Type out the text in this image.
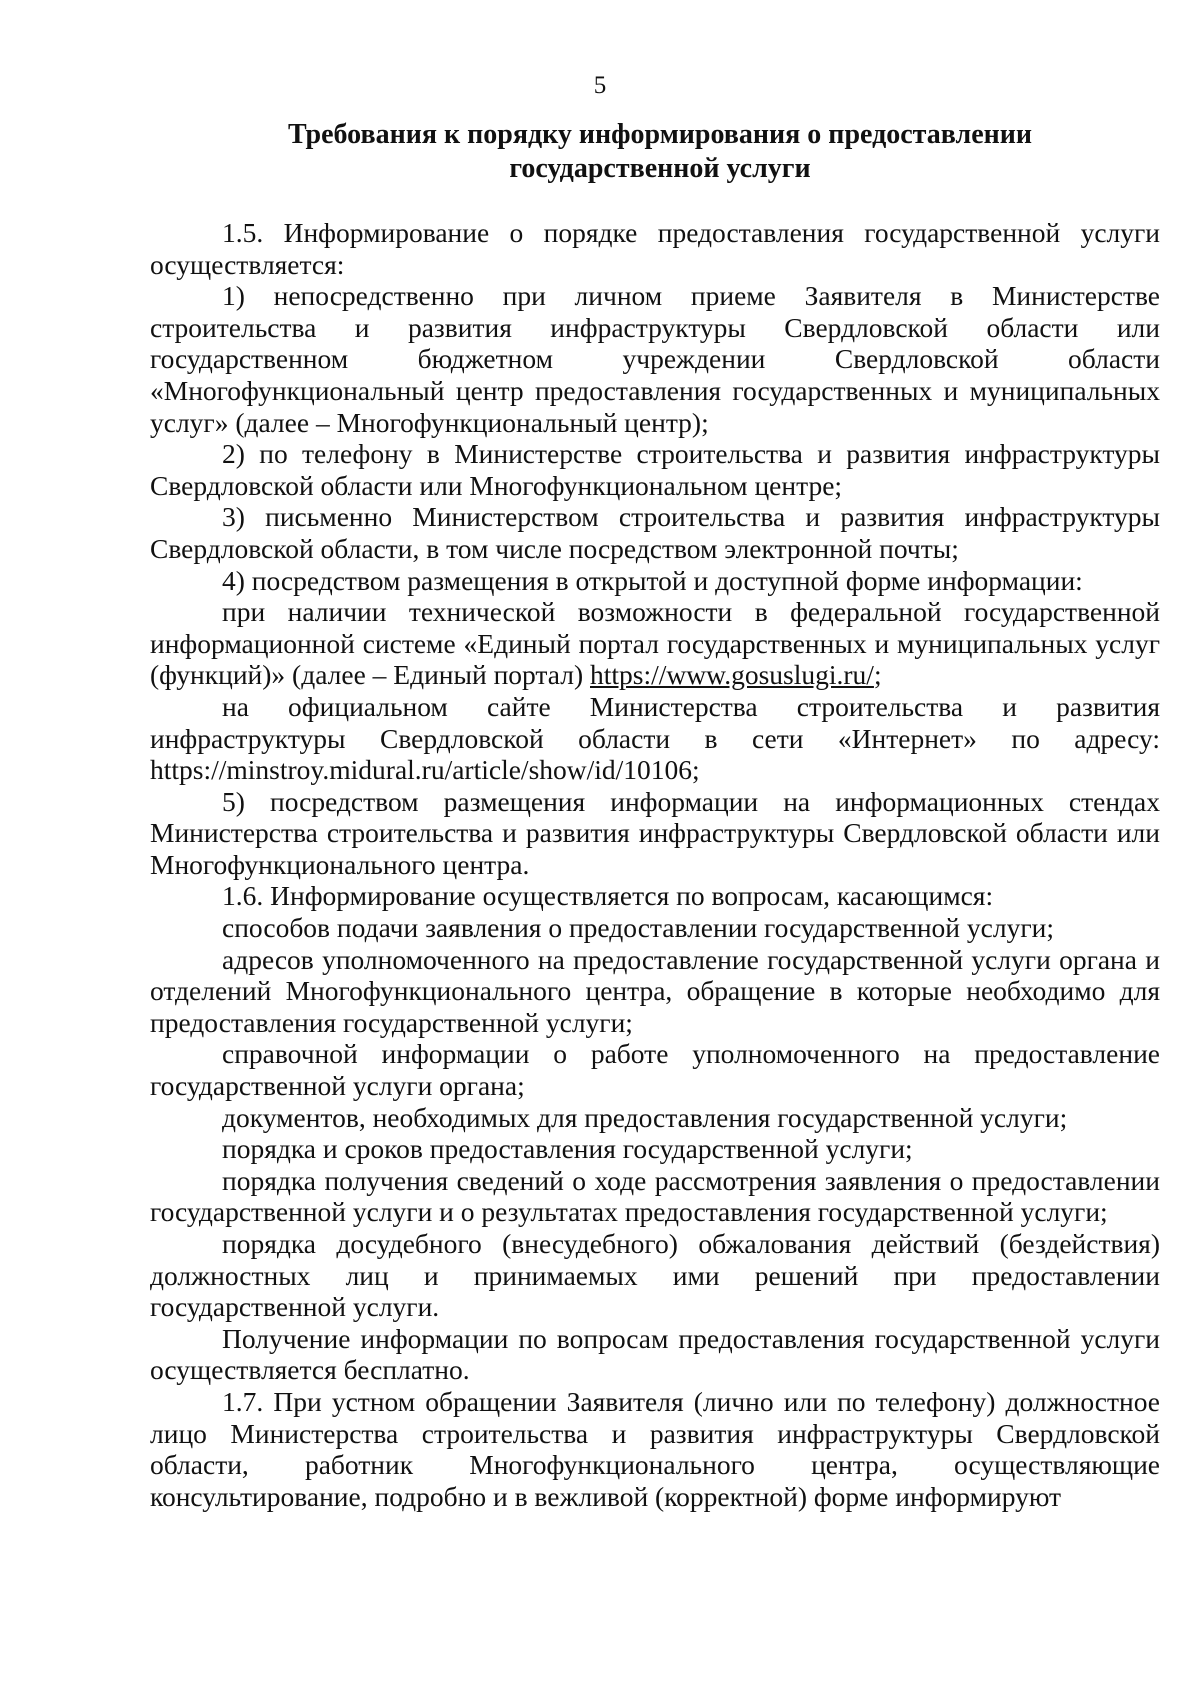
5
Требования к порядку информирования о предоставлении
государственной услуги

1.5. Информирование о порядке предоставления государственной услуги осуществляется:

1) непосредственно при личном приеме Заявителя в Министерстве строительства и развития инфраструктуры Свердловской области или государственном бюджетном учреждении Свердловской области «Многофункциональный центр предоставления государственных и муниципальных услуг» (далее – Многофункциональный центр);

2) по телефону в Министерстве строительства и развития инфраструктуры Свердловской области или Многофункциональном центре;

3) письменно Министерством строительства и развития инфраструктуры Свердловской области, в том числе посредством электронной почты;

4) посредством размещения в открытой и доступной форме информации:

при наличии технической возможности в федеральной государственной информационной системе «Единый портал государственных и муниципальных услуг (функций)» (далее – Единый портал) https://www.gosuslugi.ru/;

на официальном сайте Министерства строительства и развития инфраструктуры Свердловской области в сети «Интернет» по адресу: https://minstroy.midural.ru/article/show/id/10106;

5) посредством размещения информации на информационных стендах Министерства строительства и развития инфраструктуры Свердловской области или Многофункционального центра.

1.6. Информирование осуществляется по вопросам, касающимся:

способов подачи заявления о предоставлении государственной услуги;

адресов уполномоченного на предоставление государственной услуги органа и отделений Многофункционального центра, обращение в которые необходимо для предоставления государственной услуги;

справочной информации о работе уполномоченного на предоставление государственной услуги органа;

документов, необходимых для предоставления государственной услуги;

порядка и сроков предоставления государственной услуги;

порядка получения сведений о ходе рассмотрения заявления о предоставлении государственной услуги и о результатах предоставления государственной услуги;

порядка досудебного (внесудебного) обжалования действий (бездействия) должностных лиц и принимаемых ими решений при предоставлении государственной услуги.

Получение информации по вопросам предоставления государственной услуги осуществляется бесплатно.

1.7. При устном обращении Заявителя (лично или по телефону) должностное лицо Министерства строительства и развития инфраструктуры Свердловской области, работник Многофункционального центра, осуществляющие консультирование, подробно и в вежливой (корректной) форме информируют
